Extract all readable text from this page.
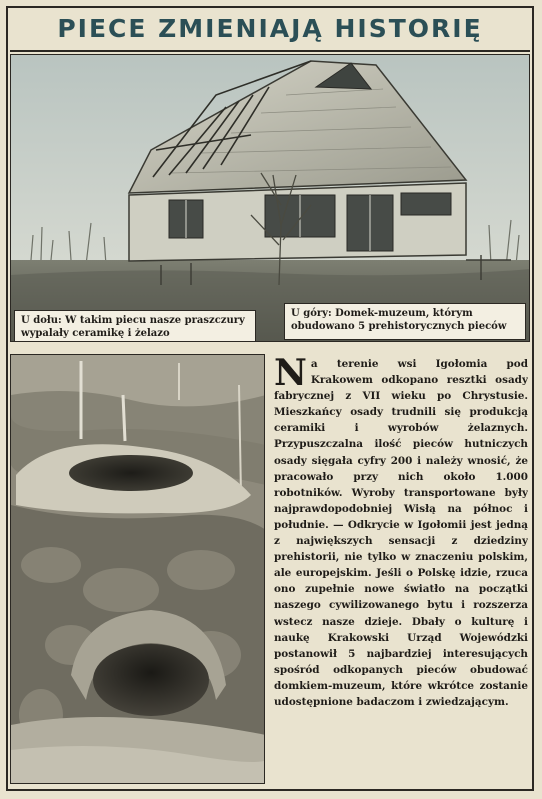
PIECE ZMIENIAJĄ HISTORIĘ
U dołu: W takim piecu nasze praszczury wypalały ceramikę i żelazo
U góry: Domek-muzeum, którym obudowano 5 prehistorycznych pieców
Na terenie wsi Igołomia pod Krakowem odkopano resztki osady fabrycznej z VII wieku po Chrystusie. Mieszkańcy osady trudnili się produkcją ceramiki i wyrobów żelaznych. Przypuszczalna ilość pieców hutniczych osady sięgała cyfry 200 i należy wnosić, że pracowało przy nich około 1.000 robotników. Wyroby transportowane były najprawdopodobniej Wisłą na północ i południe. — Odkrycie w Igołomii jest jedną z największych sensacji z dziedziny prehistorii, nie tylko w znaczeniu polskim, ale europejskim. Jeśli o Polskę idzie, rzuca ono zupełnie nowe światło na początki naszego cywilizowanego bytu i rozszerza wstecz nasze dzieje. Dbały o kulturę i naukę Krakowski Urząd Wojewódzki postanowił 5 najbardziej interesujących spośród odkopanych pieców obudować domkiem-muzeum, które wkrótce zostanie udostępnione badaczom i zwiedzającym.
